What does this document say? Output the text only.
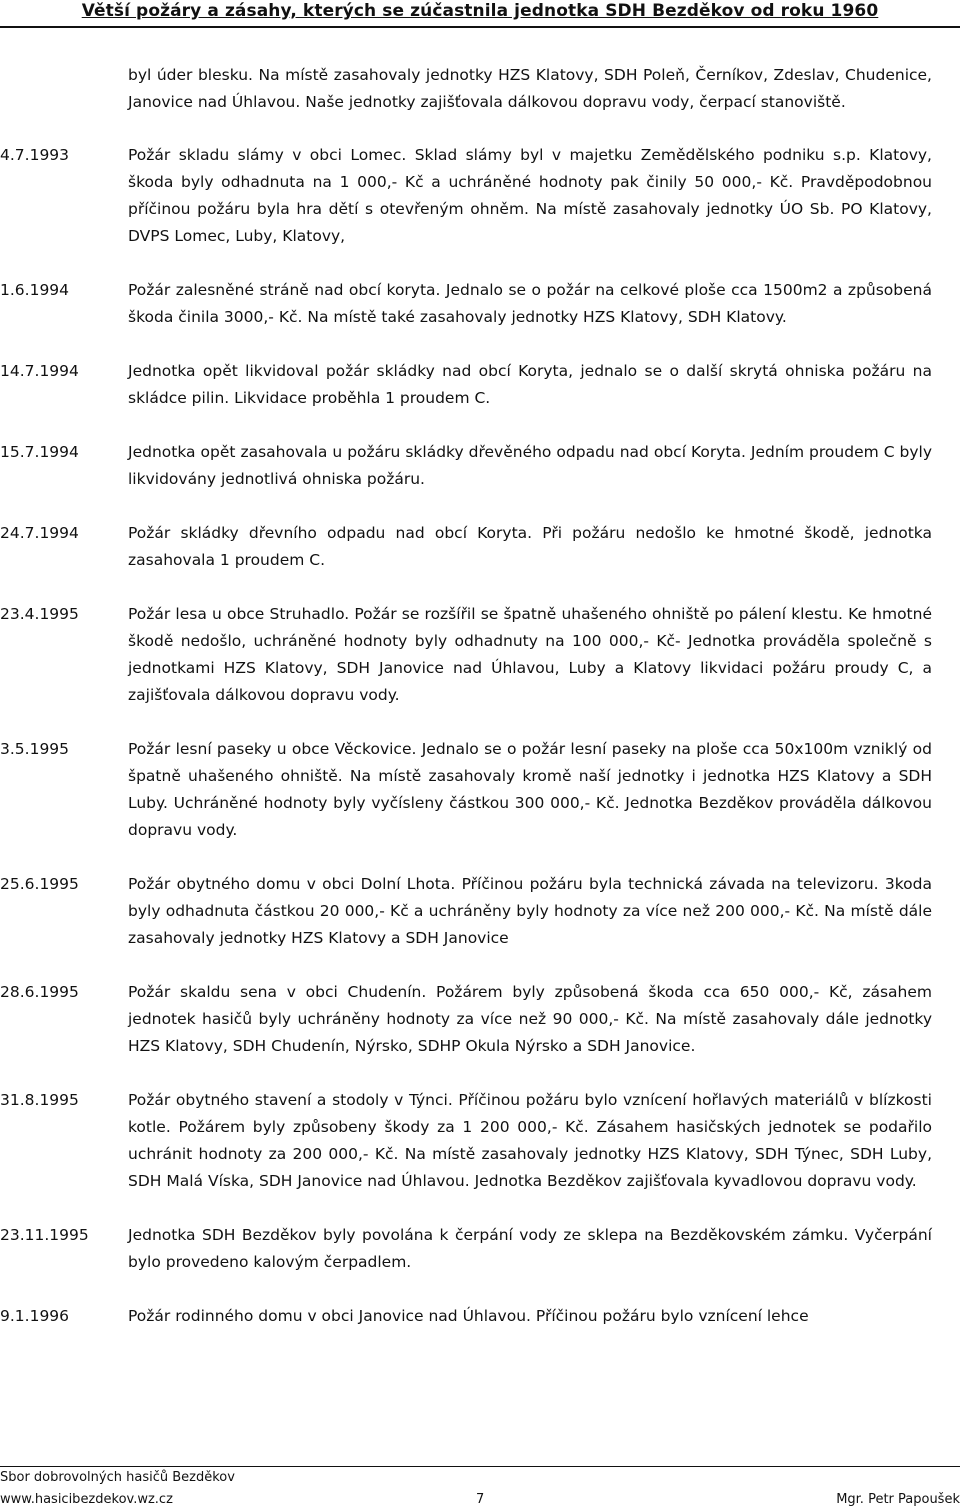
Větší požáry a zásahy, kterých se zúčastnila jednotka SDH Bezděkov od roku 1960
byl úder blesku. Na místě zasahovaly jednotky HZS Klatovy, SDH Poleň, Černíkov, Zdeslav, Chudenice, Janovice nad Úhlavou. Naše jednotky zajišťovala dálkovou dopravu vody, čerpací stanoviště.
4.7.1993	Požár skladu slámy v obci Lomec. Sklad slámy byl v majetku Zemědělského podniku s.p. Klatovy, škoda byly odhadnuta na 1 000,- Kč a uchráněné hodnoty pak činily 50 000,- Kč. Pravděpodobnou příčinou požáru byla hra dětí s otevřeným ohněm. Na místě zasahovaly jednotky ÚO Sb. PO Klatovy, DVPS Lomec, Luby, Klatovy,
1.6.1994	Požár zalesněné stráně nad obcí koryta. Jednalo se o požár na celkové ploše cca 1500m2 a způsobená škoda činila 3000,- Kč. Na místě také zasahovaly jednotky HZS Klatovy, SDH Klatovy.
14.7.1994	Jednotka opět likvidoval požár skládky nad obcí Koryta, jednalo se o další skrytá ohniska požáru na skládce pilin. Likvidace proběhla 1 proudem C.
15.7.1994	Jednotka opět zasahovala u požáru skládky dřevěného odpadu nad obcí Koryta. Jedním proudem C byly likvidovány jednotlivá ohniska požáru.
24.7.1994	Požár skládky dřevního odpadu nad obcí Koryta. Při požáru nedošlo ke hmotné škodě, jednotka zasahovala 1 proudem C.
23.4.1995	Požár lesa u obce Struhadlo. Požár se rozšířil se špatně uhašeného ohniště po pálení klestu. Ke hmotné škodě nedošlo, uchráněné hodnoty byly odhadnuty na 100 000,- Kč- Jednotka prováděla společně s jednotkami HZS Klatovy, SDH Janovice nad Úhlavou, Luby a Klatovy likvidaci požáru proudy C, a zajišťovala dálkovou dopravu vody.
3.5.1995	Požár lesní paseky u obce Věckovice. Jednalo se o požár lesní paseky na ploše cca 50x100m vzniklý od špatně uhašeného ohniště. Na místě zasahovaly kromě naší jednotky i jednotka HZS Klatovy a SDH Luby. Uchráněné hodnoty byly vyčísleny částkou 300 000,- Kč. Jednotka Bezděkov prováděla dálkovou dopravu vody.
25.6.1995	Požár obytného domu v obci Dolní Lhota. Příčinou požáru byla technická závada na televizoru. 3koda byly odhadnuta částkou 20 000,- Kč a uchráněny byly hodnoty za více než 200 000,- Kč. Na místě dále zasahovaly jednotky HZS Klatovy a SDH Janovice
28.6.1995	Požár skaldu sena v obci Chudenín. Požárem byly způsobená škoda cca 650 000,- Kč, zásahem jednotek hasičů byly uchráněny hodnoty za více než 90 000,- Kč. Na místě zasahovaly dále jednotky HZS Klatovy, SDH Chudenín, Nýrsko, SDHP Okula Nýrsko a SDH Janovice.
31.8.1995	Požár obytného stavení a stodoly v Týnci. Příčinou požáru bylo vznícení hořlavých materiálů v blízkosti kotle. Požárem byly způsobeny škody za 1 200 000,- Kč. Zásahem hasičských jednotek se podařilo uchránit hodnoty za 200 000,- Kč. Na místě zasahovaly jednotky HZS Klatovy, SDH Týnec, SDH Luby, SDH Malá Víska, SDH Janovice nad Úhlavou. Jednotka Bezděkov zajišťovala kyvadlovou dopravu vody.
23.11.1995	Jednotka SDH Bezděkov byly povolána k čerpání vody ze sklepa na Bezděkovském zámku. Vyčerpání bylo provedeno kalovým čerpadlem.
9.1.1996	Požár rodinného domu v obci Janovice nad Úhlavou. Příčinou požáru bylo vznícení lehce
Sbor dobrovolných hasičů Bezděkov
www.hasicibezdekov.wz.cz	7	Mgr. Petr Papoušek
